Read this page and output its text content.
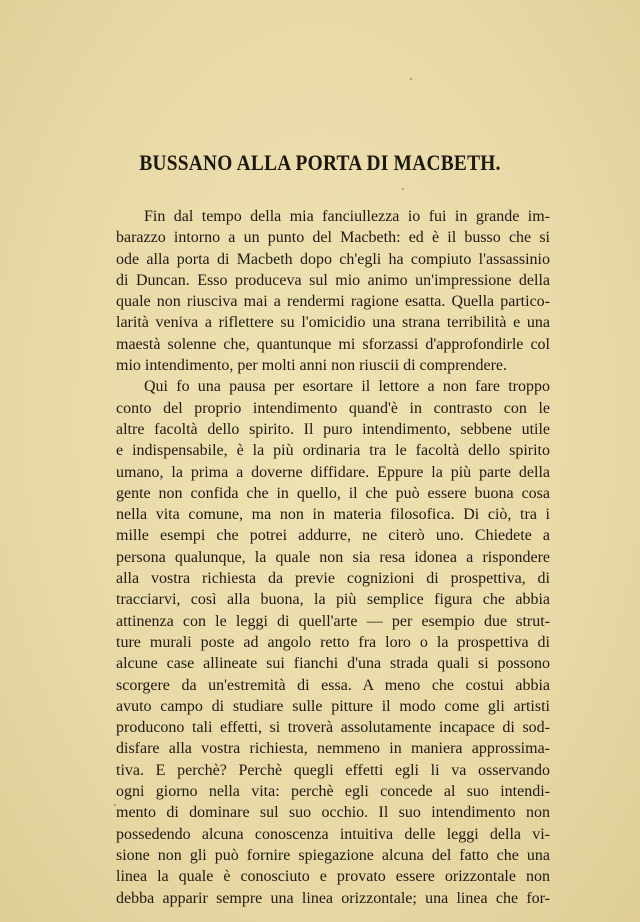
BUSSANO ALLA PORTA DI MACBETH.
Fin dal tempo della mia fanciullezza io fui in grande im-
barazzo intorno a un punto del Macbeth: ed è il busso che si
ode alla porta di Macbeth dopo ch'egli ha compiuto l'assassinio
di Duncan. Esso produceva sul mio animo un'impressione della
quale non riusciva mai a rendermi ragione esatta. Quella partico-
larità veniva a riflettere su l'omicidio una strana terribilità e una
maestà solenne che, quantunque mi sforzassi d'approfondirle col
mio intendimento, per molti anni non riuscii di comprendere.
Qui fo una pausa per esortare il lettore a non fare troppo
conto del proprio intendimento quand'è in contrasto con le
altre facoltà dello spirito. Il puro intendimento, sebbene utile
e indispensabile, è la più ordinaria tra le facoltà dello spirito
umano, la prima a doverne diffidare. Eppure la più parte della
gente non confida che in quello, il che può essere buona cosa
nella vita comune, ma non in materia filosofica. Di ciò, tra i
mille esempi che potrei addurre, ne citerò uno. Chiedete a
persona qualunque, la quale non sia resa idonea a rispondere
alla vostra richiesta da previe cognizioni di prospettiva, di
tracciarvi, così alla buona, la più semplice figura che abbia
attinenza con le leggi di quell'arte — per esempio due strut-
ture murali poste ad angolo retto fra loro o la prospettiva di
alcune case allineate sui fianchi d'una strada quali si possono
scorgere da un'estremità di essa. A meno che costui abbia
avuto campo di studiare sulle pitture il modo come gli artisti
producono tali effetti, si troverà assolutamente incapace di sod-
disfare alla vostra richiesta, nemmeno in maniera approssima-
tiva. E perchè? Perchè quegli effetti egli li va osservando
ogni giorno nella vita: perchè egli concede al suo intendi-
mento di dominare sul suo occhio. Il suo intendimento non
possedendo alcuna conoscenza intuitiva delle leggi della vi-
sione non gli può fornire spiegazione alcuna del fatto che una
linea la quale è conosciuto e provato essere orizzontale non
debba apparir sempre una linea orizzontale; una linea che for-
